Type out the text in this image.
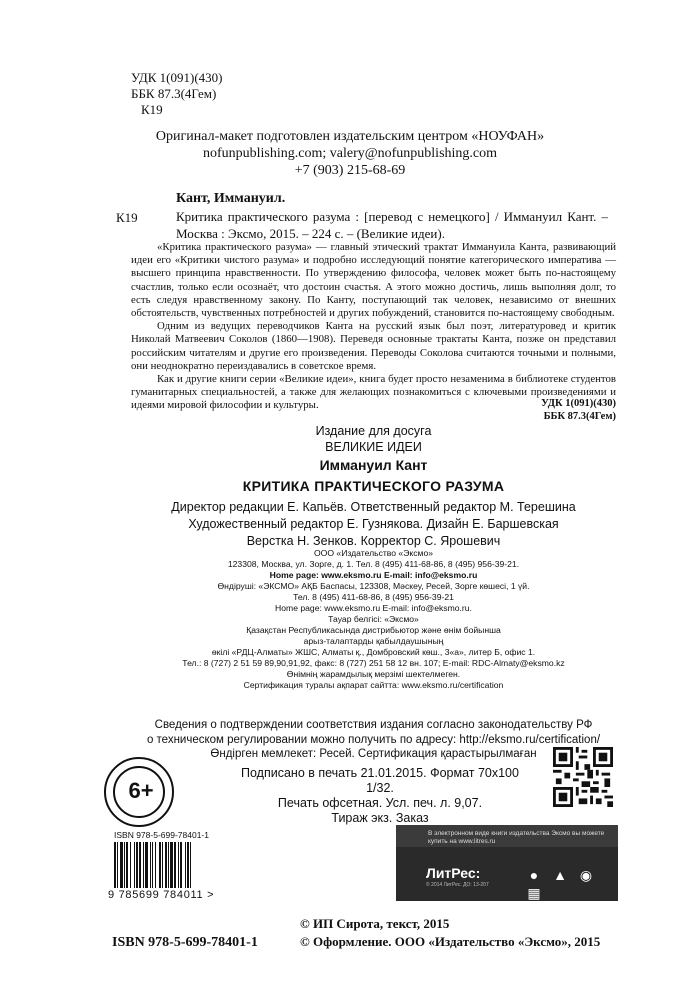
УДК 1(091)(430)
ББК 87.3(4Гем)
К19
Оригинал-макет подготовлен издательским центром «НОУФАН»
nofunpublishing.com; valery@nofunpublishing.com
+7 (903) 215-68-69
Кант, Иммануил.
К19	Критика практического разума : [перевод с немецкого] / Иммануил Кант. – Москва : Эксмо, 2015. – 224 с. – (Великие идеи).

«Критика практического разума» — главный этический трактат Иммануила Канта, развивающий идеи его «Критики чистого разума» и подробно исследующий понятие категорического императива — высшего принципа нравственности. По утверждению философа, человек может быть по-настоящему счастлив, только если осознаёт, что достоин счастья. А этого можно достичь, лишь выполняя долг, то есть следуя нравственному закону. По Канту, поступающий так человек, независимо от внешних обстоятельств, чувственных потребностей и других побуждений, становится по-настоящему свободным.

Одним из ведущих переводчиков Канта на русский язык был поэт, литературовед и критик Николай Матвеевич Соколов (1860—1908). Переведя основные трактаты Канта, позже он представил российским читателям и другие его произведения. Переводы Соколова считаются точными и полными, они неоднократно переиздавались в советское время.

Как и другие книги серии «Великие идеи», книга будет просто незаменима в библиотеке студентов гуманитарных специальностей, а также для желающих познакомиться с ключевыми произведениями и идеями мировой философии и культуры.	УДК 1(091)(430)
ББК 87.3(4Гем)
Издание для досуга
ВЕЛИКИЕ ИДЕИ
Иммануил Кант
КРИТИКА ПРАКТИЧЕСКОГО РАЗУМА
Директор редакции Е. Капьёв. Ответственный редактор М. Терешина
Художественный редактор Е. Гузнякова. Дизайн Е. Баршевская
Верстка Н. Зенков. Корректор С. Ярошевич
ООО «Издательство «Эксмо»
123308, Москва, ул. Зорге, д. 1. Тел. 8 (495) 411-68-86, 8 (495) 956-39-21.
Home page: www.eksmo.ru E-mail: info@eksmo.ru
Өндіруші: «ЭКСМО» АҚБ Баспасы, 123308, Мәскеу, Ресей, Зорге көшесі, 1 үй.
Тел. 8 (495) 411-68-86, 8 (495) 956-39-21
Home page: www.eksmo.ru E-mail: info@eksmo.ru.
Тауар белгісі: «Эксмо»
Қазақстан Республикасында дистрибьютор және өнім бойынша
арыз-талаптарды қабылдаушының
өкілі «РДЦ-Алматы» ЖШС, Алматы қ., Домбровский көш., 3«а», литер Б, офис 1.
Тел.: 8 (727) 2 51 59 89,90,91,92, факс: 8 (727) 251 58 12 вн. 107; E-mail: RDC-Almaty@eksmo.kz
Өнімнің жарамдылық мерзімі шектелмеген.
Сертификация туралы ақпарат сайтта: www.eksmo.ru/certification
Сведения о подтверждении соответствия издания согласно законодательству РФ
о техническом регулировании можно получить по адресу: http://eksmo.ru/certification/
Өндірген мемлекет: Ресей. Сертификация қарастырылмаған
Подписано в печать 21.01.2015. Формат 70x100 1/32.
Печать офсетная. Усл. печ. л. 9,07.
Тираж экз. Заказ
6+
ISBN 978-5-699-78401-1
9 785699 784011 >
В электронном виде книги издательства Эксмо вы можете купить на www.litres.ru
ЛитРес:
© 2014 ЛитРес. ДО: 13-207
● ▲ ◉ ▦
© ИП Сирота, текст, 2015
© Оформление. ООО «Издательство «Эксмо», 2015
ISBN 978-5-699-78401-1
